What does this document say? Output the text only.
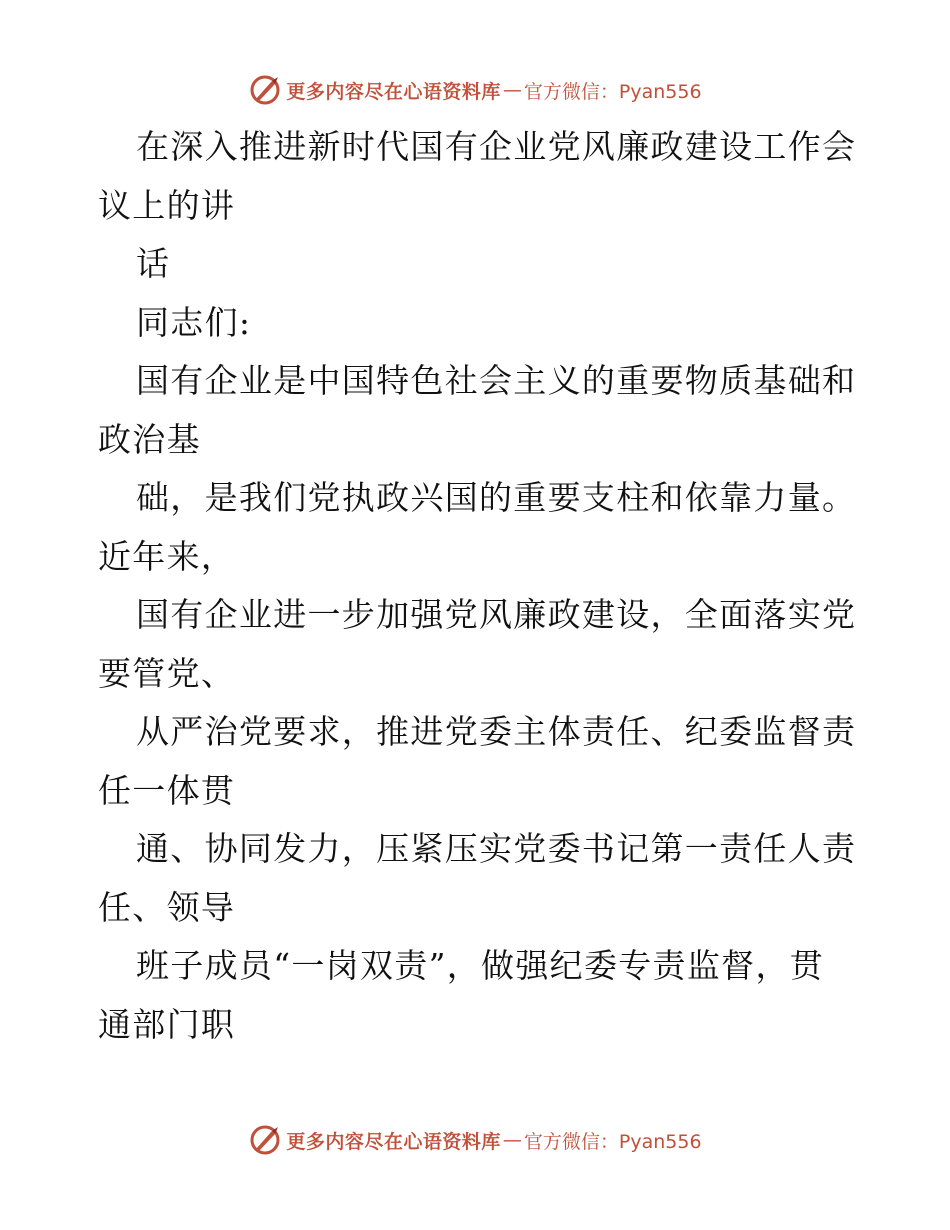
更多内容尽在心语资料库 — 官方微信：Pyan556
在深入推进新时代国有企业党风廉政建设工作会
议上的讲
话
同志们:
国有企业是中国特色社会主义的重要物质基础和
政治基
础，是我们党执政兴国的重要支柱和依靠力量。
近年来，
国有企业进一步加强党风廉政建设，全面落实党
要管党、
从严治党要求，推进党委主体责任、纪委监督责
任一体贯
通、协同发力，压紧压实党委书记第一责任人责
任、领导
班子成员“一岗双责”，做强纪委专责监督，贯
通部门职
更多内容尽在心语资料库 — 官方微信：Pyan556
